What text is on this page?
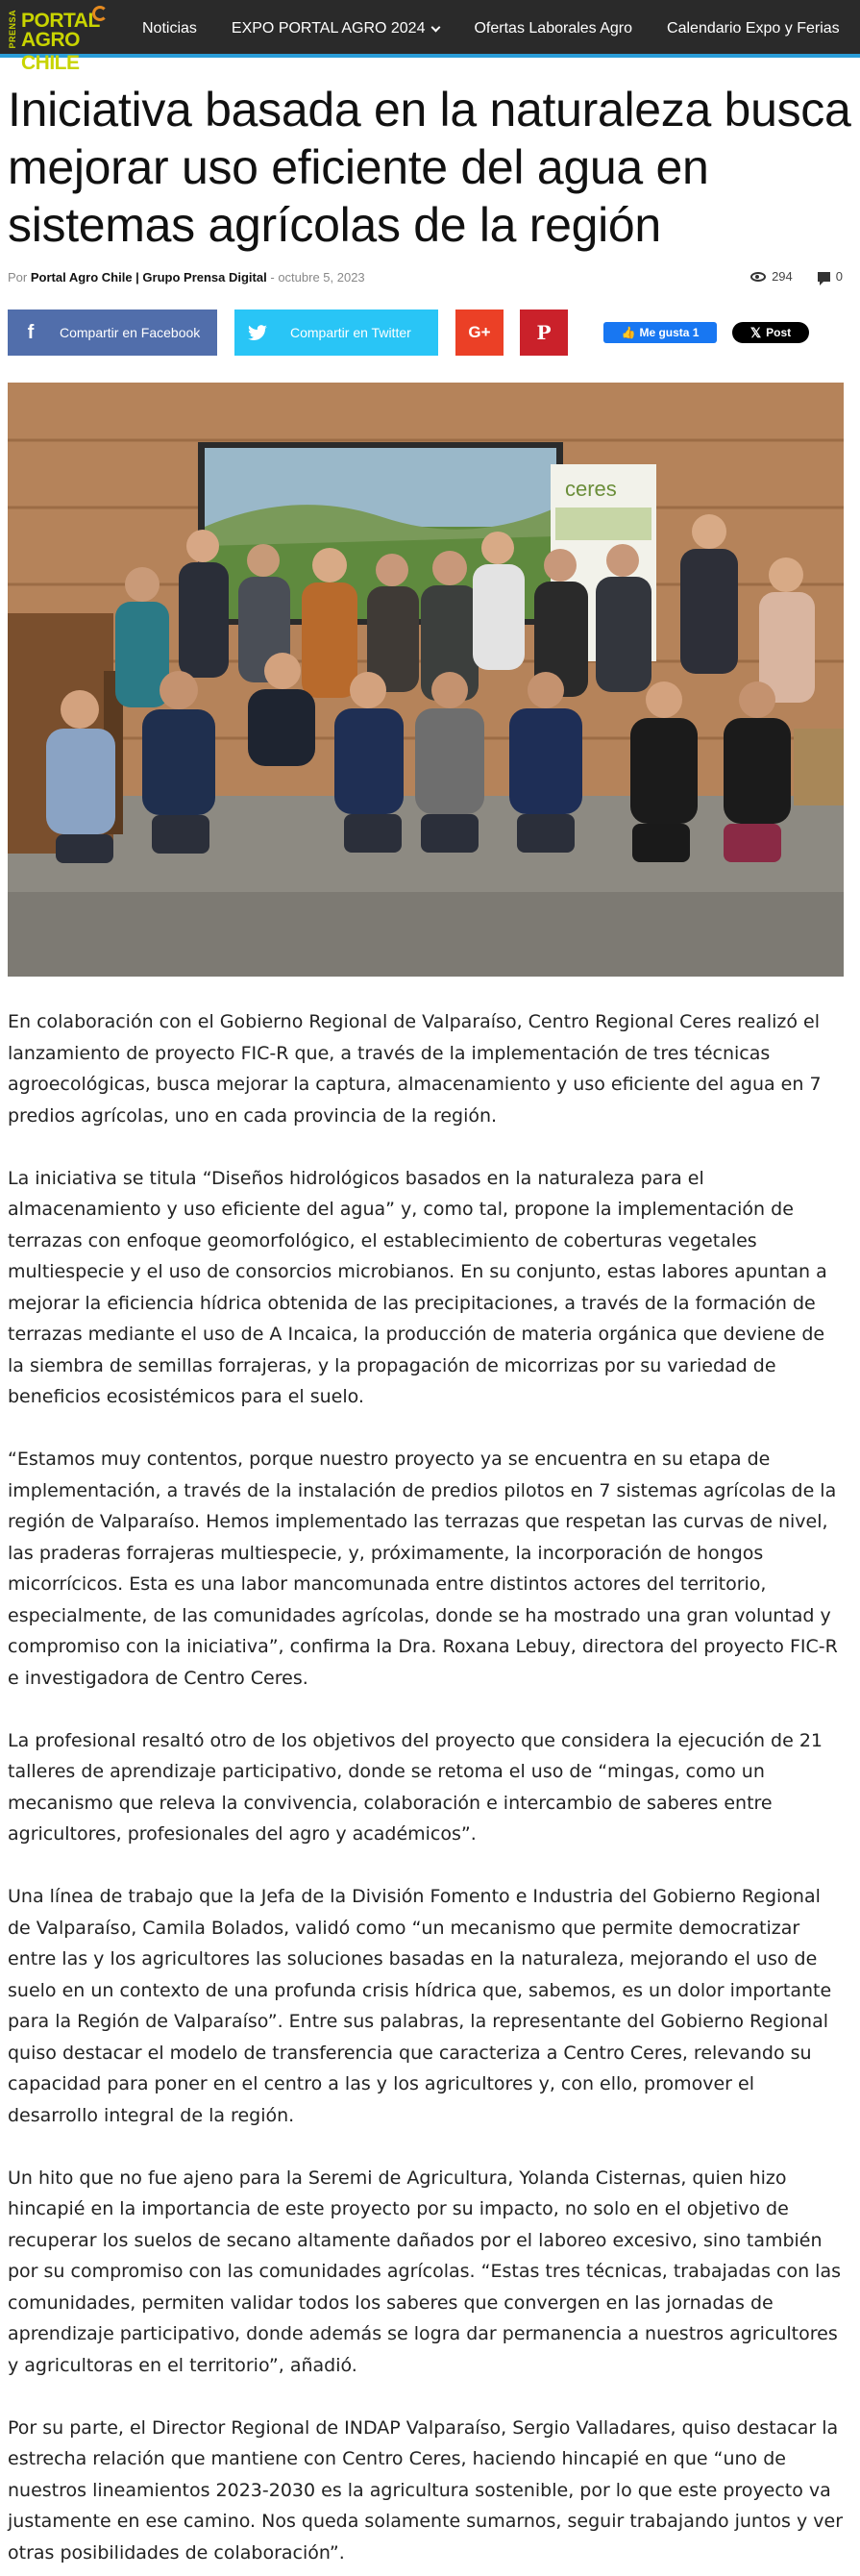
PRENSA PORTAL
AGRO CHILE
Noticias EXPO PORTAL AGRO 2024	Ofertas Laborales Agro Calendario Expo y Ferias
Iniciativa basada en la naturaleza busca mejorar uso eficiente del agua en sistemas agrícolas de la región
Por Portal Agro Chile | Grupo Prensa Digital - octubre 5, 2023	294	0
f	Compartir en Facebook	Compartir en Twitter	G+ P	👍 Me gusta 1	𝕏 Post
ceres

En colaboración con el Gobierno Regional de Valparaíso, Centro Regional Ceres realizó el lanzamiento de proyecto FIC-R que, a través de la implementación de tres técnicas agroecológicas, busca mejorar la captura, almacenamiento y uso eficiente del agua en 7 predios agrícolas, uno en cada provincia de la región.

La iniciativa se titula “Diseños hidrológicos basados en la naturaleza para el almacenamiento y uso eficiente del agua” y, como tal, propone la implementación de terrazas con enfoque geomorfológico, el establecimiento de coberturas vegetales multiespecie y el uso de consorcios microbianos. En su conjunto, estas labores apuntan a mejorar la eficiencia hídrica obtenida de las precipitaciones, a través de la formación de terrazas mediante el uso de A Incaica, la producción de materia orgánica que deviene de la siembra de semillas forrajeras, y la propagación de micorrizas por su variedad de beneficios ecosistémicos para el suelo.

“Estamos muy contentos, porque nuestro proyecto ya se encuentra en su etapa de implementación, a través de la instalación de predios pilotos en 7 sistemas agrícolas de la región de Valparaíso. Hemos implementado las terrazas que respetan las curvas de nivel, las praderas forrajeras multiespecie, y, próximamente, la incorporación de hongos micorrícicos. Esta es una labor mancomunada entre distintos actores del territorio, especialmente, de las comunidades agrícolas, donde se ha mostrado una gran voluntad y compromiso con la iniciativa”, confirma la Dra. Roxana Lebuy, directora del proyecto FIC-R e investigadora de Centro Ceres.

La profesional resaltó otro de los objetivos del proyecto que considera la ejecución de 21 talleres de aprendizaje participativo, donde se retoma el uso de “mingas, como un mecanismo que releva la convivencia, colaboración e intercambio de saberes entre agricultores, profesionales del agro y académicos”.

Una línea de trabajo que la Jefa de la División Fomento e Industria del Gobierno Regional de Valparaíso, Camila Bolados, validó como “un mecanismo que permite democratizar entre las y los agricultores las soluciones basadas en la naturaleza, mejorando el uso de suelo en un contexto de una profunda crisis hídrica que, sabemos, es un dolor importante para la Región de Valparaíso”. Entre sus palabras, la representante del Gobierno Regional quiso destacar el modelo de transferencia que caracteriza a Centro Ceres, relevando su capacidad para poner en el centro a las y los agricultores y, con ello, promover el desarrollo integral de la región.

Un hito que no fue ajeno para la Seremi de Agricultura, Yolanda Cisternas, quien hizo hincapié en la importancia de este proyecto por su impacto, no solo en el objetivo de recuperar los suelos de secano altamente dañados por el laboreo excesivo, sino también por su compromiso con las comunidades agrícolas. “Estas tres técnicas, trabajadas con las comunidades, permiten validar todos los saberes que convergen en las jornadas de aprendizaje participativo, donde además se logra dar permanencia a nuestros agricultores y agricultoras en el territorio”, añadió.

Por su parte, el Director Regional de INDAP Valparaíso, Sergio Valladares, quiso destacar la estrecha relación que mantiene con Centro Ceres, haciendo hincapié en que “uno de nuestros lineamientos 2023-2030 es la agricultura sostenible, por lo que este proyecto va justamente en ese camino. Nos queda solamente sumarnos, seguir trabajando juntos y ver otras posibilidades de colaboración”.
